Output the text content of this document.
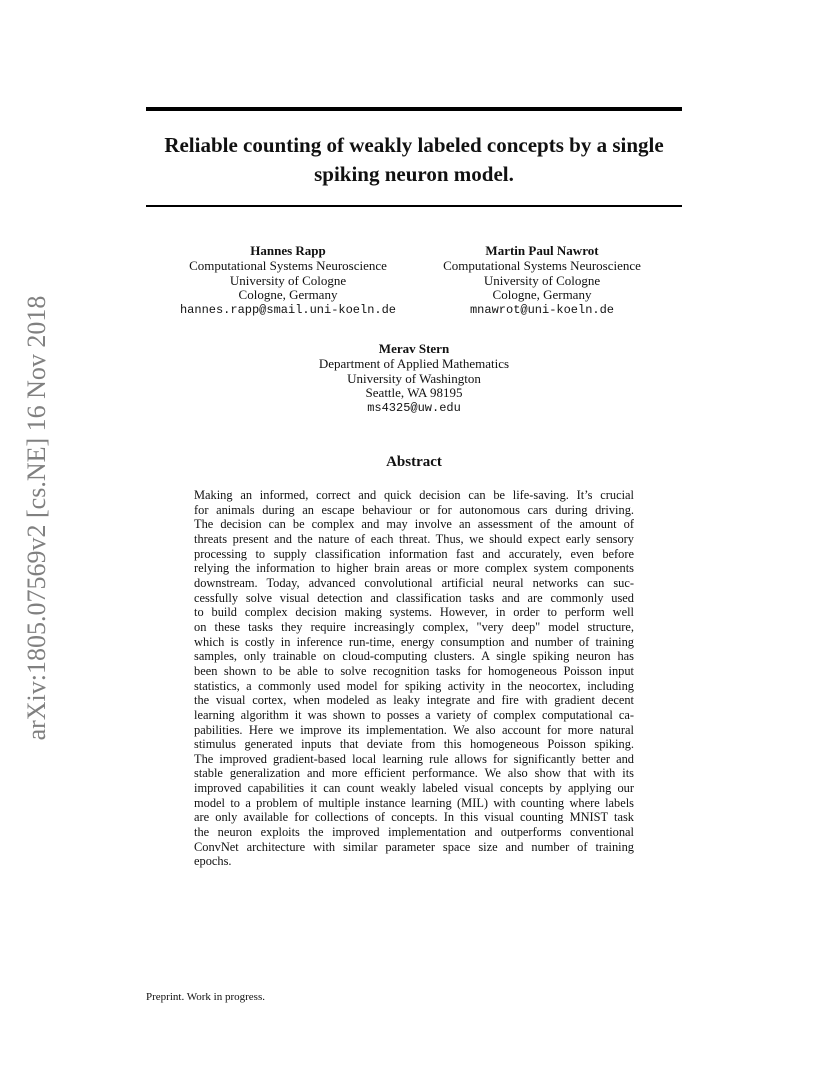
arXiv:1805.07569v2 [cs.NE] 16 Nov 2018
Reliable counting of weakly labeled concepts by a single spiking neuron model.
Hannes Rapp
Computational Systems Neuroscience
University of Cologne
Cologne, Germany
hannes.rapp@smail.uni-koeln.de
Martin Paul Nawrot
Computational Systems Neuroscience
University of Cologne
Cologne, Germany
mnawrot@uni-koeln.de
Merav Stern
Department of Applied Mathematics
University of Washington
Seattle, WA 98195
ms4325@uw.edu
Abstract
Making an informed, correct and quick decision can be life-saving. It’s crucial
for animals during an escape behaviour or for autonomous cars during driving.
The decision can be complex and may involve an assessment of the amount of
threats present and the nature of each threat. Thus, we should expect early sensory
processing to supply classification information fast and accurately, even before
relying the information to higher brain areas or more complex system components
downstream. Today, advanced convolutional artificial neural networks can suc-
cessfully solve visual detection and classification tasks and are commonly used
to build complex decision making systems. However, in order to perform well
on these tasks they require increasingly complex, "very deep" model structure,
which is costly in inference run-time, energy consumption and number of training
samples, only trainable on cloud-computing clusters. A single spiking neuron has
been shown to be able to solve recognition tasks for homogeneous Poisson input
statistics, a commonly used model for spiking activity in the neocortex, including
the visual cortex, when modeled as leaky integrate and fire with gradient decent
learning algorithm it was shown to posses a variety of complex computational ca-
pabilities. Here we improve its implementation. We also account for more natural
stimulus generated inputs that deviate from this homogeneous Poisson spiking.
The improved gradient-based local learning rule allows for significantly better and
stable generalization and more efficient performance. We also show that with its
improved capabilities it can count weakly labeled visual concepts by applying our
model to a problem of multiple instance learning (MIL) with counting where labels
are only available for collections of concepts. In this visual counting MNIST task
the neuron exploits the improved implementation and outperforms conventional
ConvNet architecture with similar parameter space size and number of training
epochs.
Preprint. Work in progress.
